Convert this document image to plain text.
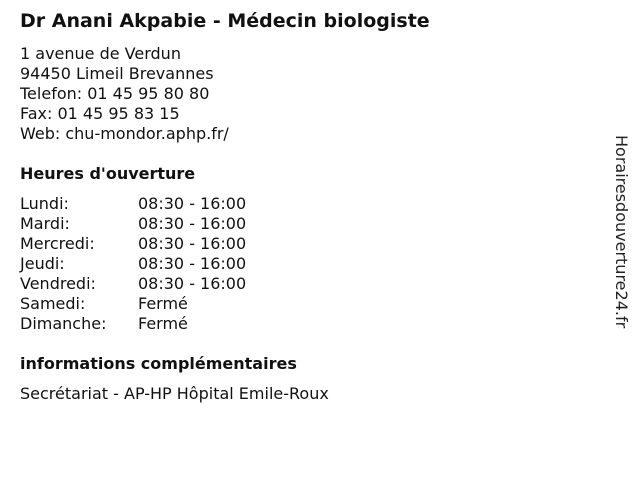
Dr Anani Akpabie - Médecin biologiste
1 avenue de Verdun
94450 Limeil Brevannes
Telefon: 01 45 95 80 80
Fax: 01 45 95 83 15
Web: chu-mondor.aphp.fr/
Heures d'ouverture
Lundi:	08:30 - 16:00
Mardi:	08:30 - 16:00
Mercredi:	08:30 - 16:00
Jeudi:	08:30 - 16:00
Vendredi:	08:30 - 16:00
Samedi:	Fermé
Dimanche:	Fermé
informations complémentaires
Secrétariat - AP-HP Hôpital Emile-Roux
Horairesdouverture24.fr
